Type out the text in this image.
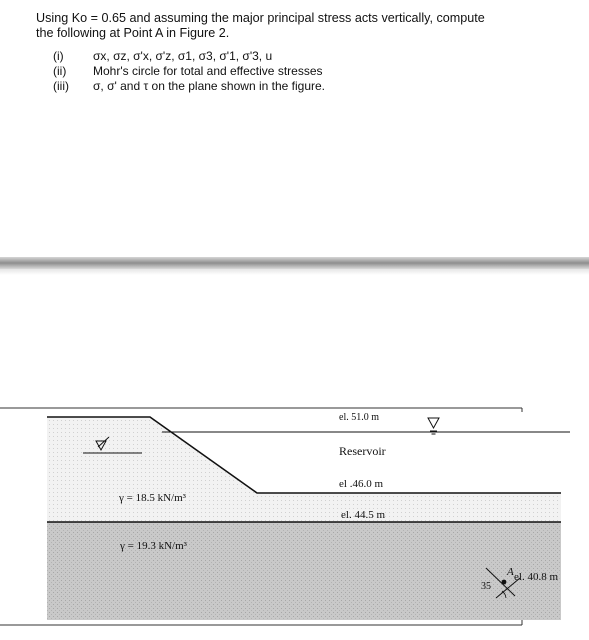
Using Ko = 0.65 and assuming the major principal stress acts vertically, compute
the following at Point A in Figure 2.
(i)	σx, σz, σ'x, σ'z, σ1, σ3, σ'1, σ'3, u
(ii)	Mohr's circle for total and effective stresses
(iii)	σ, σ' and τ on the plane shown in the figure.
el. 51.0 m
Reservoir
el .46.0 m
el. 44.5 m
γ = 18.5 kN/m³
γ = 19.3 kN/m³
A
35
el. 40.8 m
